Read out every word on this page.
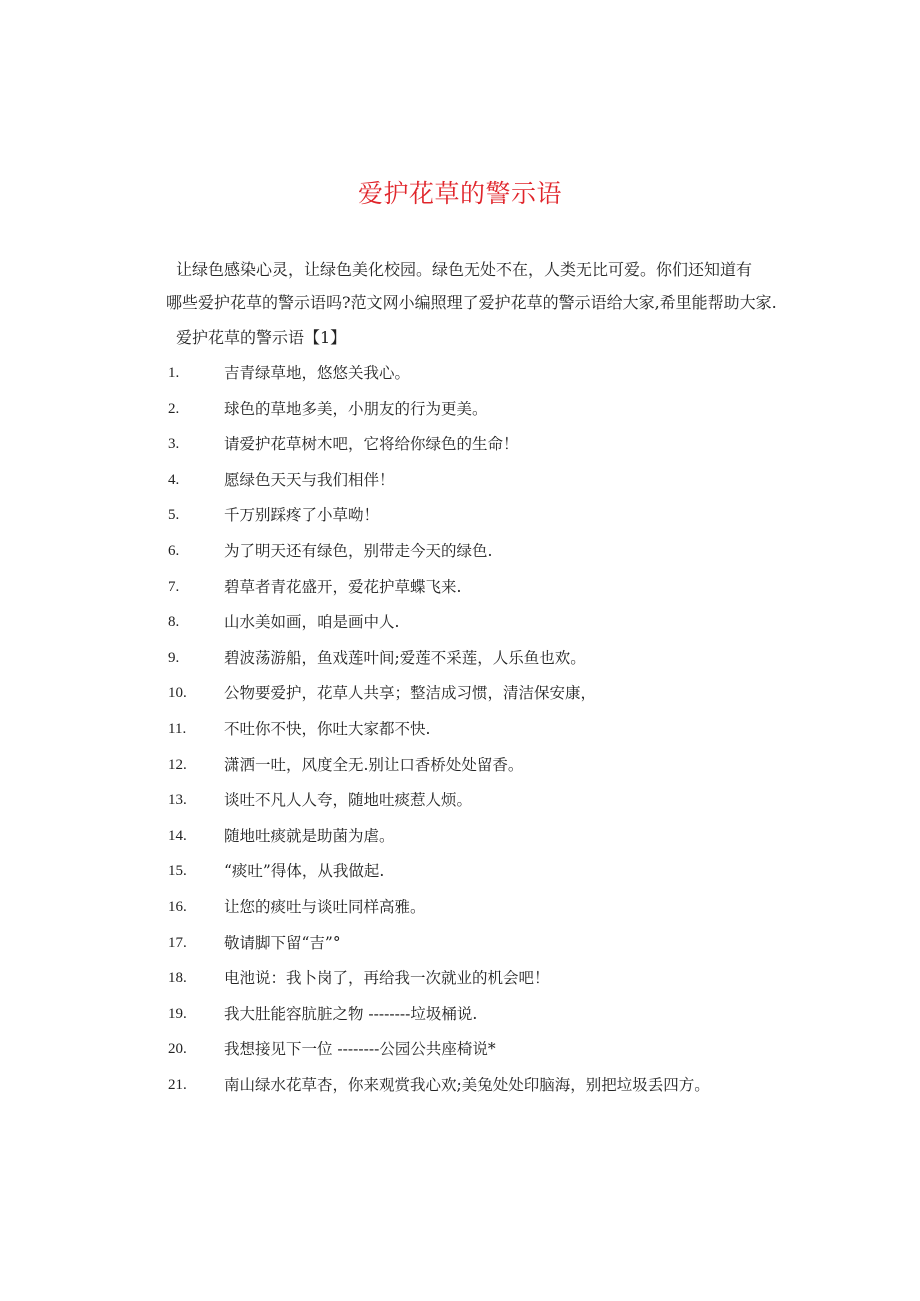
爱护花草的警示语
让绿色感染心灵，让绿色美化校园。绿色无处不在，人类无比可爱。你们还知道有
哪些爱护花草的警示语吗?范文网小编照理了爱护花草的警示语给大家,希里能帮助大家.
爱护花草的警示语【1】
1.	吉青绿草地，悠悠关我心。
2.	球色的草地多美，小朋友的行为更美。
3.	请爱护花草树木吧，它将给你绿色的生命！
4.	愿绿色天天与我们相伴！
5.	千万别踩疼了小草呦！
6.	为了明天还有绿色，别带走今天的绿色.
7.	碧草者青花盛开，爱花护草蝶飞来.
8.	山水美如画，咱是画中人.
9.	碧波荡游船，鱼戏莲叶间;爱莲不采莲，人乐鱼也欢。
10.	公物要爱护，花草人共享；整洁成习惯，清洁保安康，
11.	不吐你不快，你吐大家都不快.
12.	潇洒一吐，风度全无.别让口香桥处处留香。
13.	谈吐不凡人人夸，随地吐痰惹人烦。
14.	随地吐痰就是助菌为虐。
15.	“痰吐”得体，从我做起.
16.	让您的痰吐与谈吐同样高雅。
17.	敬请脚下留“吉”°
18.	电池说：我卜岗了，再给我一次就业的机会吧！
19.	我大肚能容肮脏之物 --------垃圾桶说.
20.	我想接见下一位 --------公园公共座椅说*
21.	南山绿水花草杏，你来观赏我心欢;美兔处处印脑海，别把垃圾丢四方。
